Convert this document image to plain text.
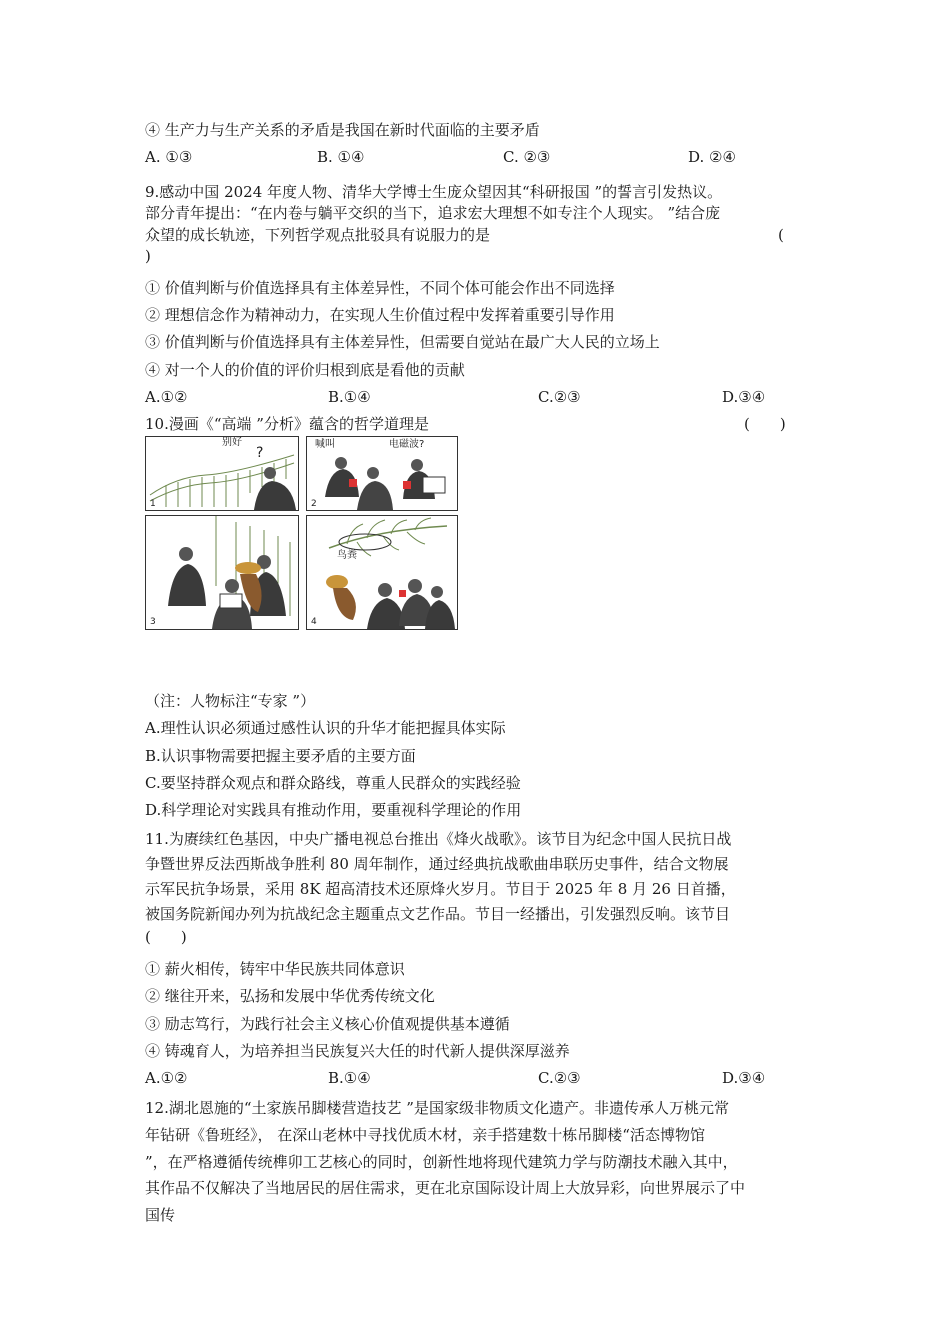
④ 生产力与生产关系的矛盾是我国在新时代面临的主要矛盾
A. ①③	B. ①④	C. ②③	D. ②④
9.感动中国 2024 年度人物、清华大学博士生庞众望因其“科研报国 ”的誓言引发热议。
部分青年提出：“在内卷与躺平交织的当下，追求宏大理想不如专注个人现实。 ”结合庞
众望的成长轨迹，下列哲学观点批驳具有说服力的是	(
)
① 价值判断与价值选择具有主体差异性，不同个体可能会作出不同选择
② 理想信念作为精神动力，在实现人生价值过程中发挥着重要引导作用
③ 价值判断与价值选择具有主体差异性，但需要自觉站在最广大人民的立场上
④ 对一个人的价值的评价归根到底是看他的贡献
A.①②	B.①④	C.②③	D.③④
10.漫画《“高端 ”分析》蕴含的哲学道理是	(　　)
别好
?
1
喊叫	电磁波?
2
3
鸟粪
4
（注：人物标注“专家 ”）
A.理性认识必须通过感性认识的升华才能把握具体实际
B.认识事物需要把握主要矛盾的主要方面
C.要坚持群众观点和群众路线，尊重人民群众的实践经验
D.科学理论对实践具有推动作用，要重视科学理论的作用
11.为赓续红色基因，中央广播电视总台推出《烽火战歌》。该节目为纪念中国人民抗日战
争暨世界反法西斯战争胜利 80 周年制作，通过经典抗战歌曲串联历史事件，结合文物展
示军民抗争场景，采用 8K 超高清技术还原烽火岁月。节目于 2025 年 8 月 26 日首播，
被国务院新闻办列为抗战纪念主题重点文艺作品。节目一经播出，引发强烈反响。该节目
(　　)
① 薪火相传，铸牢中华民族共同体意识
② 继往开来，弘扬和发展中华优秀传统文化
③ 励志笃行，为践行社会主义核心价值观提供基本遵循
④ 铸魂育人，为培养担当民族复兴大任的时代新人提供深厚滋养
A.①②	B.①④	C.②③	D.③④
12.湖北恩施的“土家族吊脚楼营造技艺 ”是国家级非物质文化遗产。非遗传承人万桃元常
年钻研《鲁班经》， 在深山老林中寻找优质木材，亲手搭建数十栋吊脚楼“活态博物馆
”，在严格遵循传统榫卯工艺核心的同时，创新性地将现代建筑力学与防潮技术融入其中，
其作品不仅解决了当地居民的居住需求，更在北京国际设计周上大放异彩，向世界展示了中
国传
